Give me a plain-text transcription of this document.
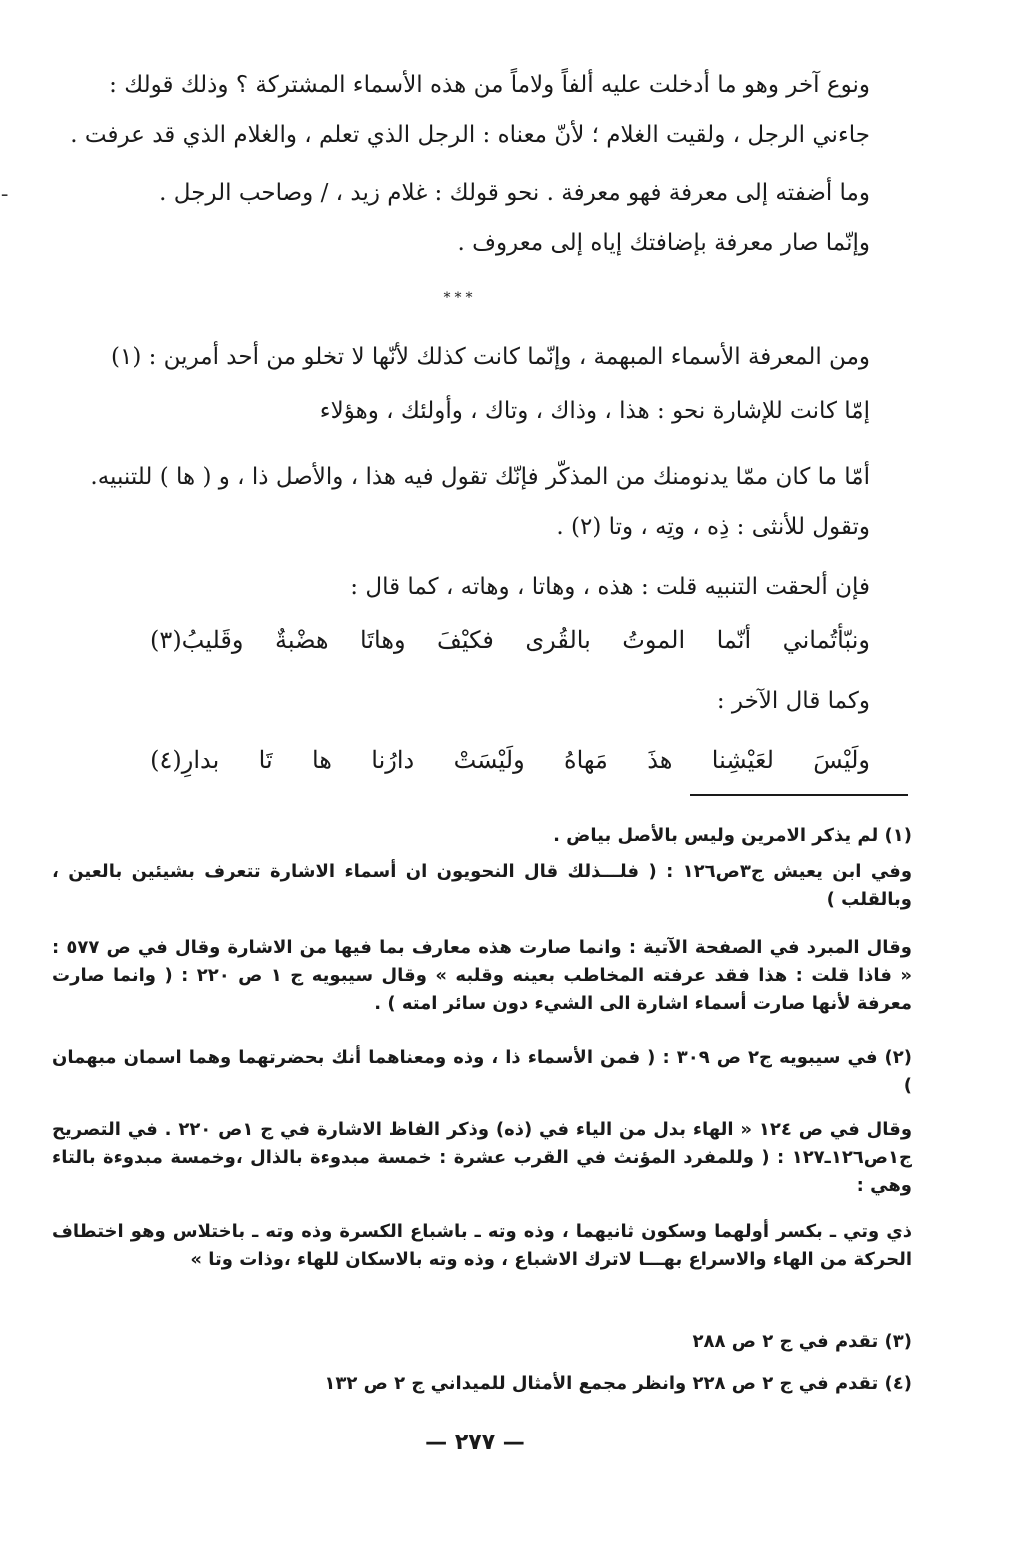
ونوع آخر وهو ما أدخلت عليه ألفاً ولاماً من هذه الأسماء المشتركة ؟ وذلك قولك :
جاءني الرجل ، ولقيت الغلام ؛ لأنّ معناه : الرجل الذي تعلم ، والغلام الذي قد عرفت .
وما أضفته إلى معرفة فهو معرفة . نحو قولك : غلام زيد ، / وصاحب الرجل .
وإنّما صار معرفة بإضافتك إياه إلى معروف .
ـ
***
ومن المعرفة الأسماء المبهمة ، وإنّما كانت كذلك لأنّها لا تخلو من أحد أمرين : (١)
إمّا كانت للإشارة نحو : هذا ، وذاك ، وتاك ، وأولئك ، وهؤلاء
أمّا ما كان ممّا يدنومنك من المذكّر فإنّك تقول فيه هذا ، والأصل ذا ، و ( ها ) للتنبيه.
وتقول للأنثى : ذِه ، وتِه ، وتا (٢) .
فإن ألحقت التنبيه قلت : هذه ، وهاتا ، وهاته ، كما قال :
ونبّأتُماني
أنّما
الموتُ
بالقُرى
فكيْفَ
وهاتَا
هضْبةٌ
وقَليبُ(٣)
وكما قال الآخر :
ولَيْسَ
لعَيْشِنا
هذَ
مَهاهُ
ولَيْسَتْ
دارُنا
ها
تَا
بدارِ(٤)
(١) لم يذكر الامرين وليس بالأصل بياض .
وفي ابن يعيش ج٣ص١٢٦ : ( فلـــذلك قال النحويون ان أسماء الاشارة تتعرف بشيئين بالعين ، وبالقلب )
وقال المبرد في الصفحة الآتية : وانما صارت هذه معارف بما فيها من الاشارة وقال في ص ٥٧٧ : « فاذا قلت : هذا فقد عرفته المخاطب بعينه وقلبه » وقال سيبويه ج ١ ص ٢٢٠ : ( وانما صارت معرفة لأنها صارت أسماء اشارة الى الشيء دون سائر امته ) .
(٢) في سيبويه ج٢ ص ٣٠٩ : ( فمن الأسماء ذا ، وذه ومعناهما أنك بحضرتهما وهما اسمان مبهمان )
وقال في ص ١٢٤ « الهاء بدل من الياء في (ذه) وذكر الفاظ الاشارة في ج ١ص ٢٢٠ . في التصريح ج١ص١٢٦ـ١٢٧ : ( وللمفرد المؤنث في القرب عشرة : خمسة مبدوءة بالذال ،وخمسة مبدوءة بالتاء وهي :
ذي وتي ـ بكسر أولهما وسكون ثانيهما ، وذه وته ـ باشباع الكسرة وذه وته ـ باختلاس وهو اختطاف الحركة من الهاء والاسراع بهـــا لاترك الاشباع ، وذه وته بالاسكان للهاء ،وذات وتا »
(٣) تقدم في ج ٢ ص ٢٨٨
(٤) تقدم في ج ٢ ص ٢٢٨ وانظر مجمع الأمثال للميداني ج ٢ ص ١٣٢
— ٢٧٧ —
